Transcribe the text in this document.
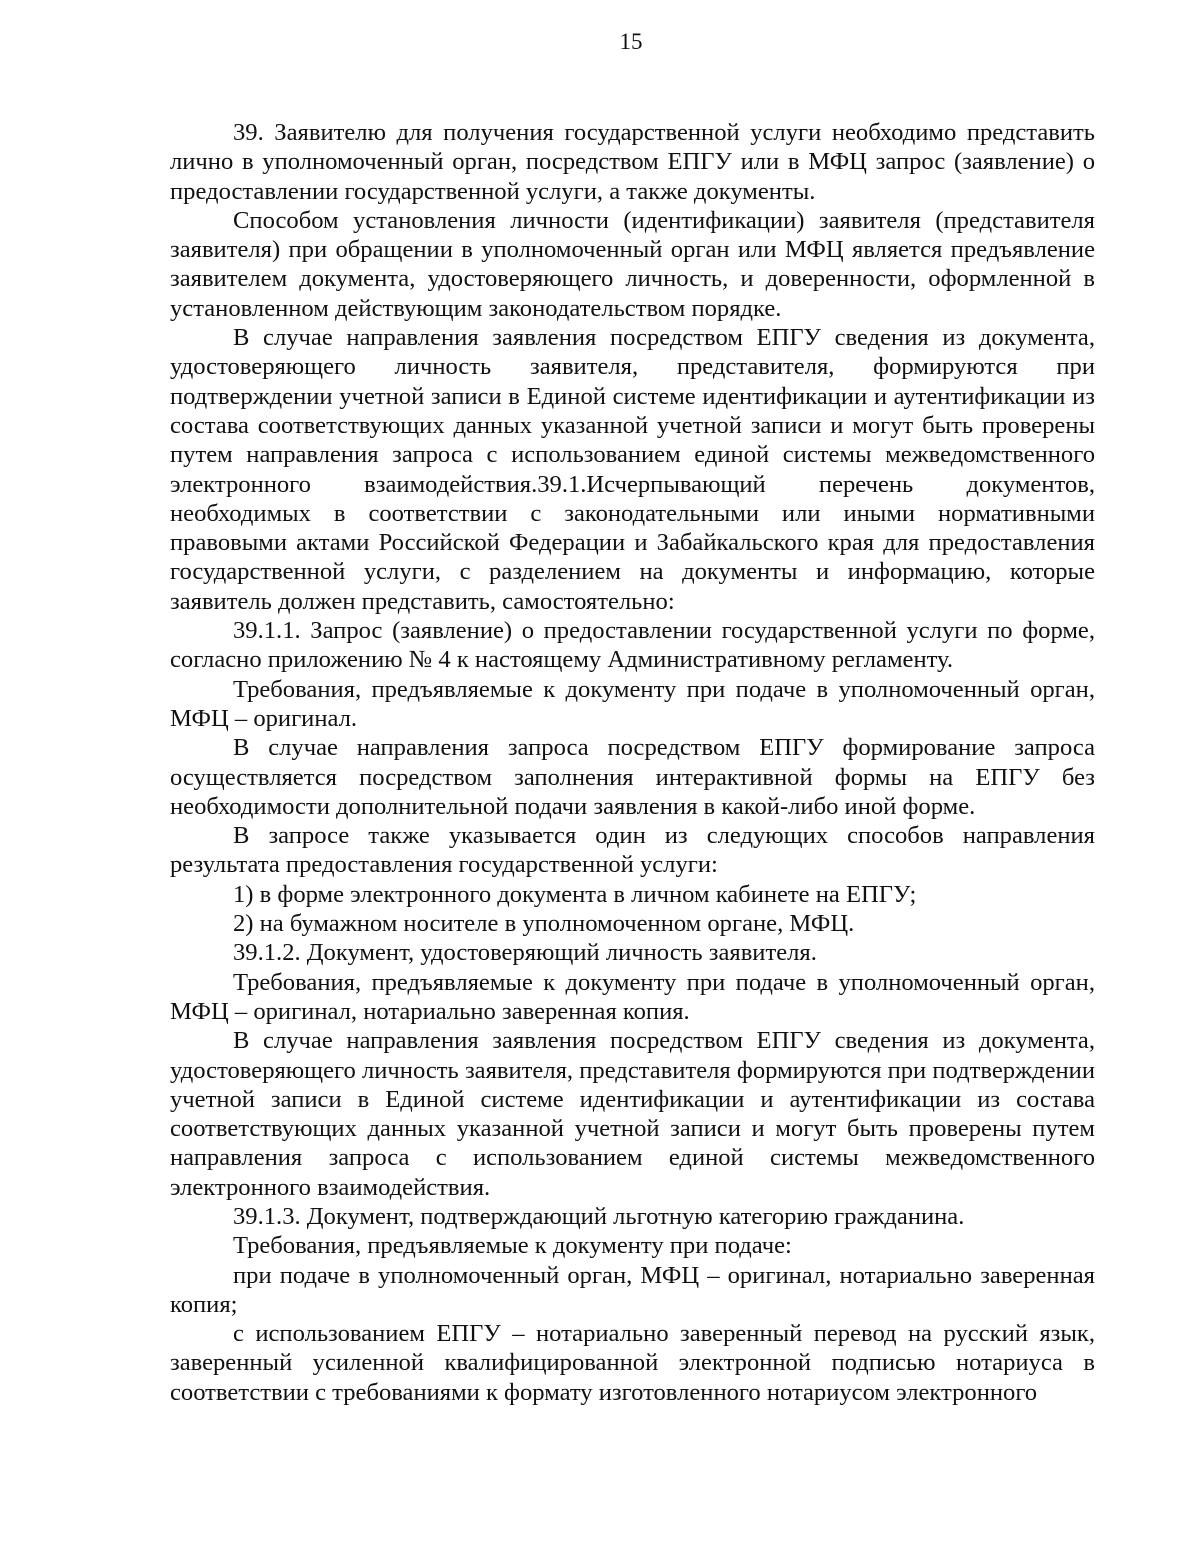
15

39. Заявителю для получения государственной услуги необходимо представить лично в уполномоченный орган, посредством ЕПГУ или в МФЦ запрос (заявление) о предоставлении государственной услуги, а также документы.

Способом установления личности (идентификации) заявителя (представителя заявителя) при обращении в уполномоченный орган или МФЦ является предъявление заявителем документа, удостоверяющего личность, и доверенности, оформленной в установленном действующим законодательством порядке.

В случае направления заявления посредством ЕПГУ сведения из документа, удостоверяющего личность заявителя, представителя, формируются при подтверждении учетной записи в Единой системе идентификации и аутентификации из состава соответствующих данных указанной учетной записи и могут быть проверены путем направления запроса с использованием единой системы межведомственного электронного взаимодействия.39.1.Исчерпывающий перечень документов, необходимых в соответствии с законодательными или иными нормативными правовыми актами Российской Федерации и Забайкальского края для предоставления государственной услуги, с разделением на документы и информацию, которые заявитель должен представить, самостоятельно:

39.1.1. Запрос (заявление) о предоставлении государственной услуги по форме, согласно приложению № 4 к настоящему Административному регламенту.

Требования, предъявляемые к документу при подаче в уполномоченный орган, МФЦ – оригинал.

В случае направления запроса посредством ЕПГУ формирование запроса осуществляется посредством заполнения интерактивной формы на ЕПГУ без необходимости дополнительной подачи заявления в какой-либо иной форме.

В запросе также указывается один из следующих способов направления результата предоставления государственной услуги:

1) в форме электронного документа в личном кабинете на ЕПГУ;

2) на бумажном носителе в уполномоченном органе, МФЦ.

39.1.2. Документ, удостоверяющий личность заявителя.

Требования, предъявляемые к документу при подаче в уполномоченный орган, МФЦ – оригинал, нотариально заверенная копия.

В случае направления заявления посредством ЕПГУ сведения из документа, удостоверяющего личность заявителя, представителя формируются при подтверждении учетной записи в Единой системе идентификации и аутентификации из состава соответствующих данных указанной учетной записи и могут быть проверены путем направления запроса с использованием единой системы межведомственного электронного взаимодействия.

39.1.3. Документ, подтверждающий льготную категорию гражданина.

Требования, предъявляемые к документу при подаче:

при подаче в уполномоченный орган, МФЦ – оригинал, нотариально заверенная копия;

с использованием ЕПГУ – нотариально заверенный перевод на русский язык, заверенный усиленной квалифицированной электронной подписью нотариуса в соответствии с требованиями к формату изготовленного нотариусом электронного
